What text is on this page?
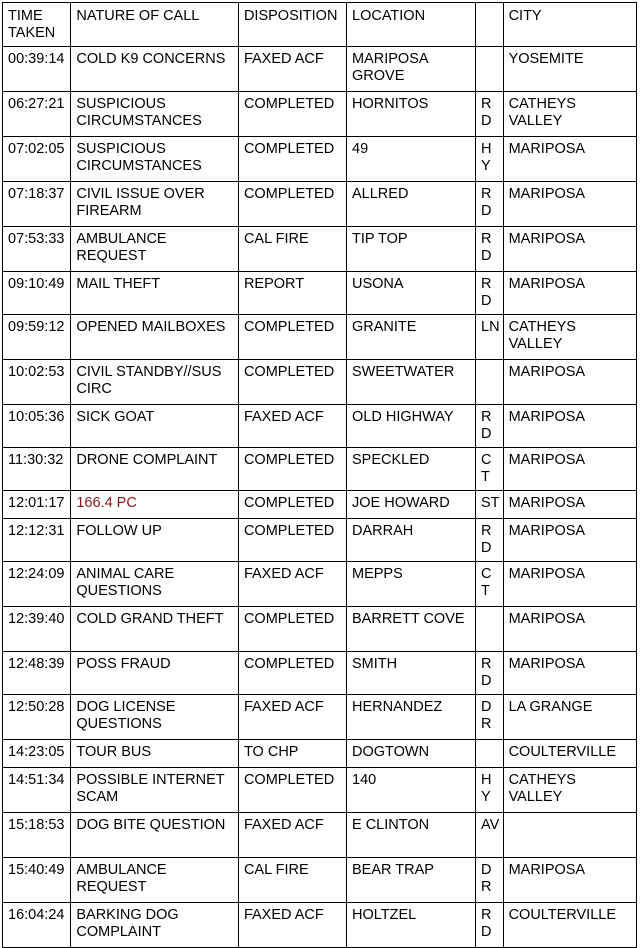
TIME TAKEN	NATURE OF CALL	DISPOSITION	LOCATION		CITY
00:39:14	COLD K9 CONCERNS	FAXED ACF	MARIPOSA GROVE		YOSEMITE
06:27:21	SUSPICIOUS CIRCUMSTANCES	COMPLETED	HORNITOS	RD	CATHEYS VALLEY
07:02:05	SUSPICIOUS CIRCUMSTANCES	COMPLETED	49	HY	MARIPOSA
07:18:37	CIVIL ISSUE OVER FIREARM	COMPLETED	ALLRED	RD	MARIPOSA
07:53:33	AMBULANCE REQUEST	CAL FIRE	TIP TOP	RD	MARIPOSA
09:10:49	MAIL THEFT	REPORT	USONA	RD	MARIPOSA
09:59:12	OPENED MAILBOXES	COMPLETED	GRANITE	LN	CATHEYS VALLEY
10:02:53	CIVIL STANDBY//SUS CIRC	COMPLETED	SWEETWATER		MARIPOSA
10:05:36	SICK GOAT	FAXED ACF	OLD HIGHWAY	RD	MARIPOSA
11:30:32	DRONE COMPLAINT	COMPLETED	SPECKLED	CT	MARIPOSA
12:01:17	166.4 PC	COMPLETED	JOE HOWARD	ST	MARIPOSA
12:12:31	FOLLOW UP	COMPLETED	DARRAH	RD	MARIPOSA
12:24:09	ANIMAL CARE QUESTIONS	FAXED ACF	MEPPS	CT	MARIPOSA
12:39:40	COLD GRAND THEFT	COMPLETED	BARRETT COVE		MARIPOSA
12:48:39	POSS FRAUD	COMPLETED	SMITH	RD	MARIPOSA
12:50:28	DOG LICENSE QUESTIONS	FAXED ACF	HERNANDEZ	DR	LA GRANGE
14:23:05	TOUR BUS	TO CHP	DOGTOWN		COULTERVILLE
14:51:34	POSSIBLE INTERNET SCAM	COMPLETED	140	HY	CATHEYS VALLEY
15:18:53	DOG BITE QUESTION	FAXED ACF	E CLINTON	AV	
15:40:49	AMBULANCE REQUEST	CAL FIRE	BEAR TRAP	DR	MARIPOSA
16:04:24	BARKING DOG COMPLAINT	FAXED ACF	HOLTZEL	RD	COULTERVILLE
